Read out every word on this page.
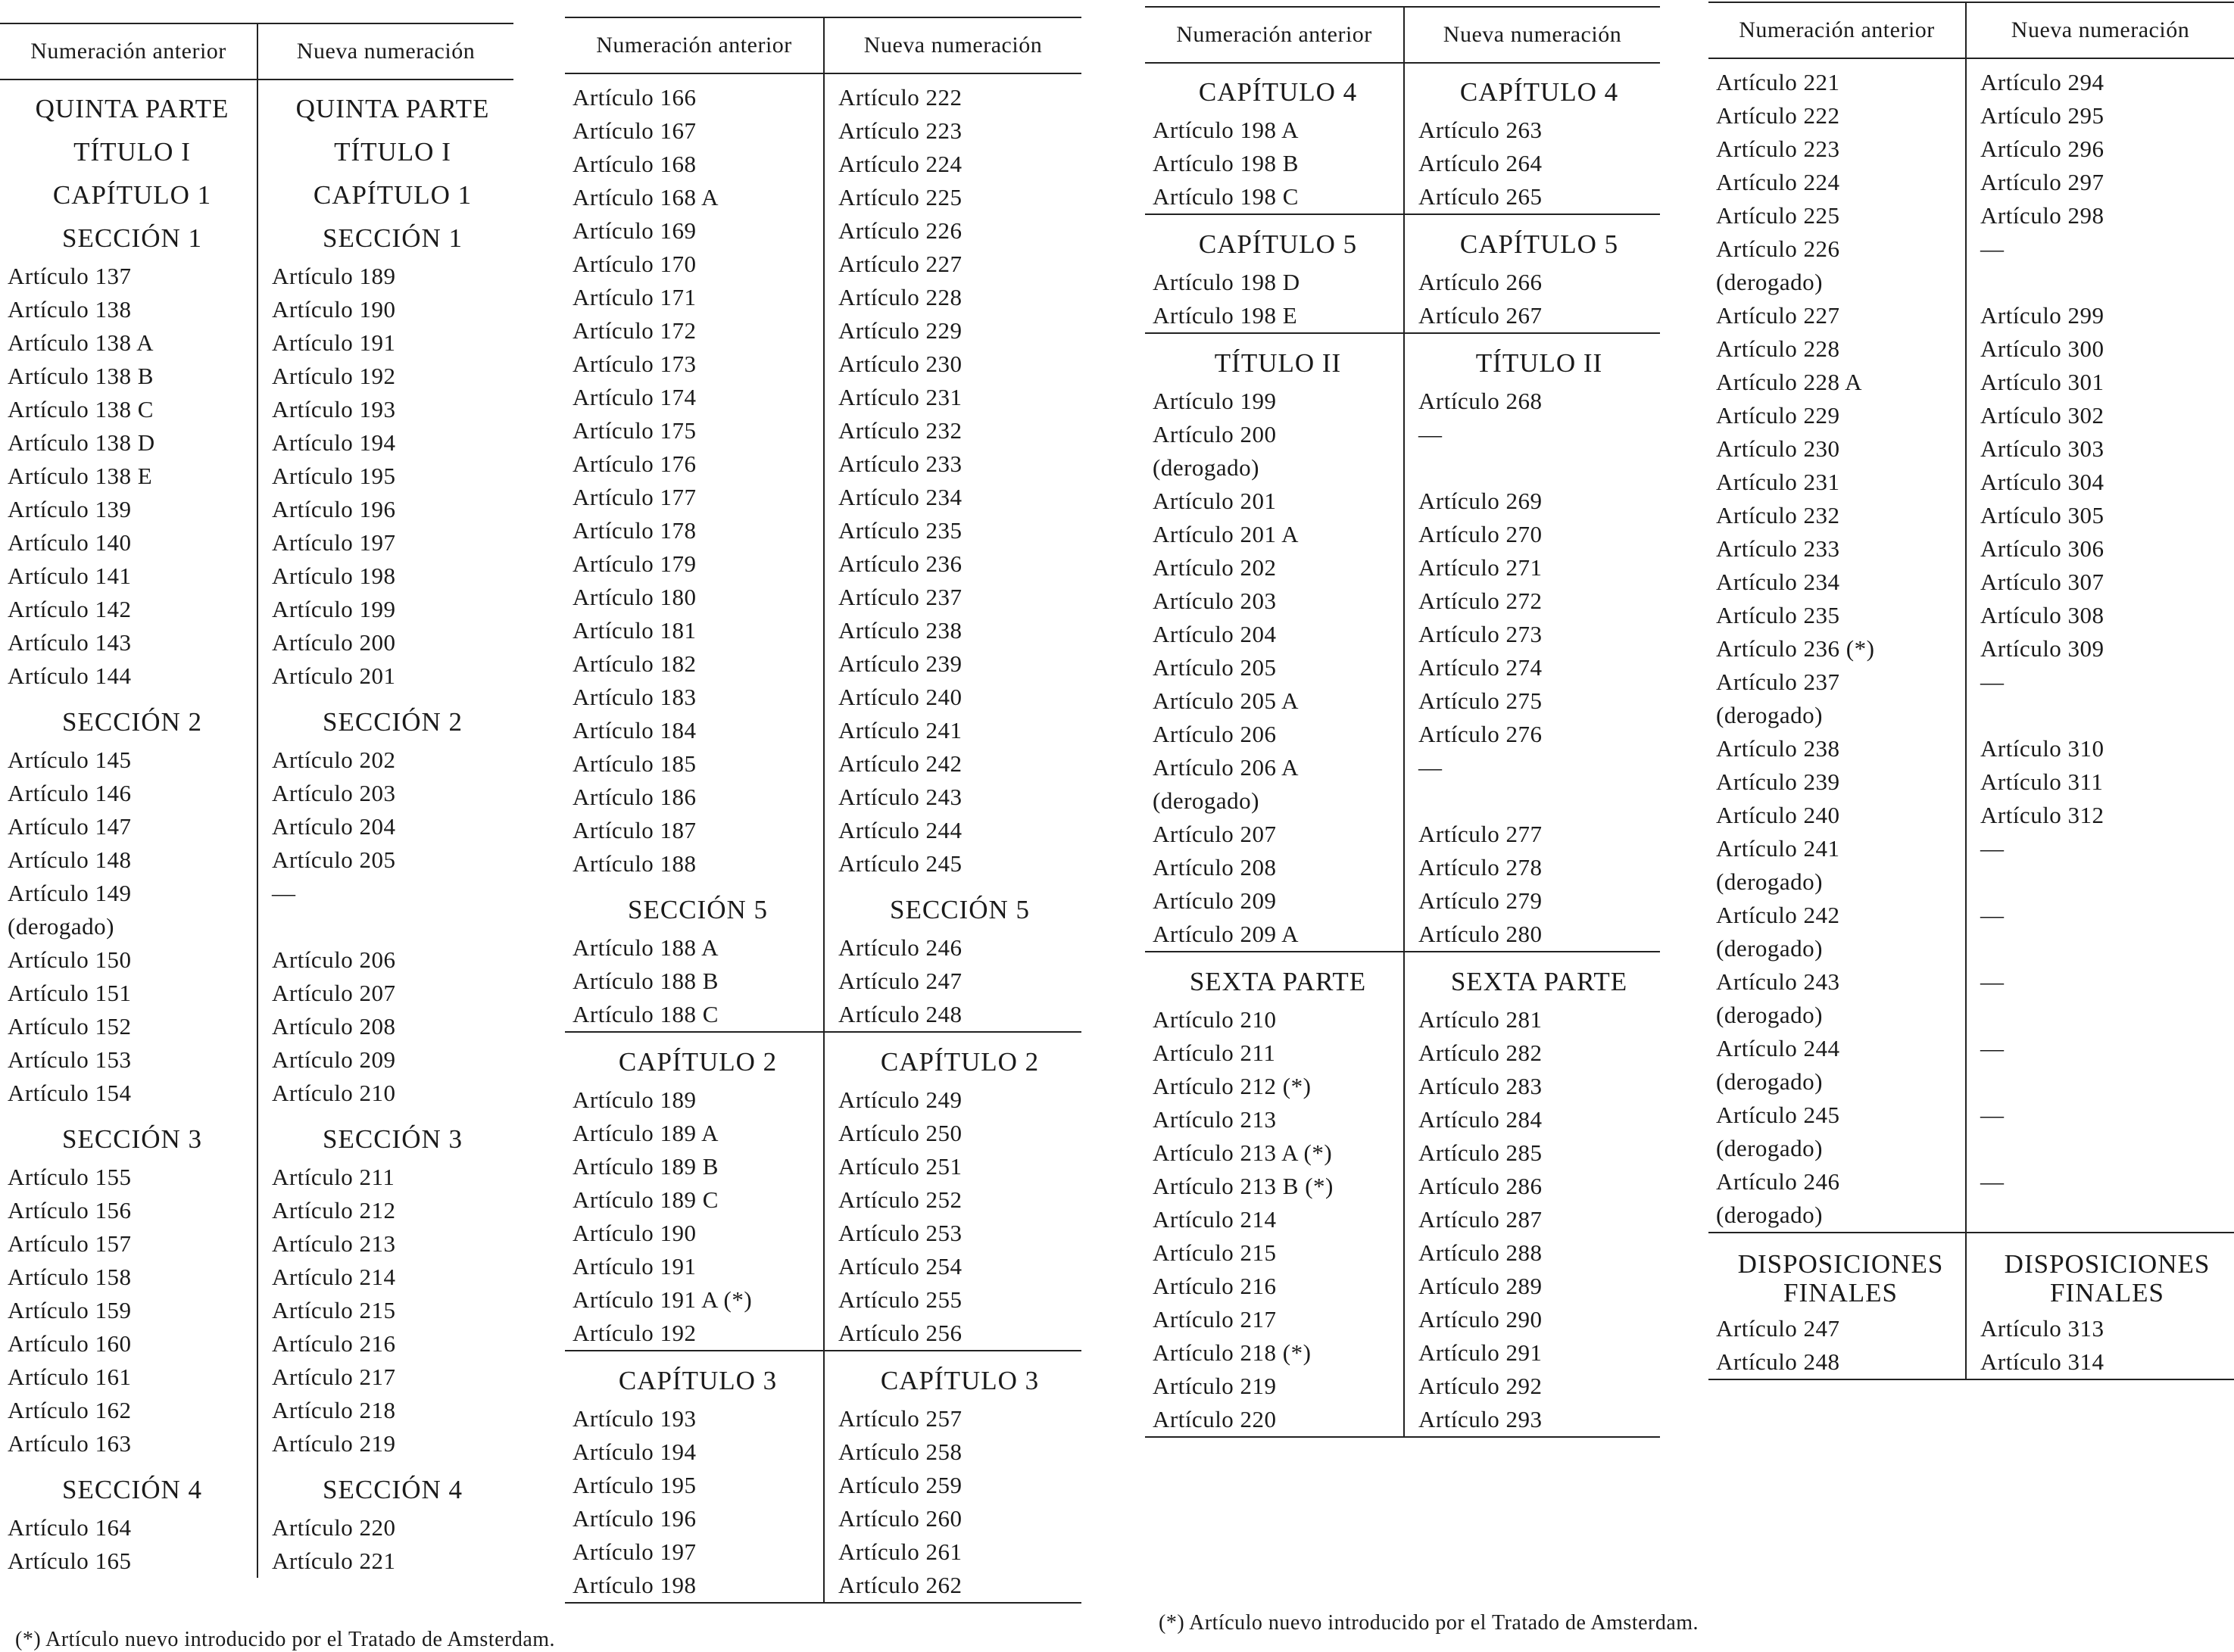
Numeración anterior	Nueva numeración

QUINTA PARTE	QUINTA PARTE
TÍTULO I	TÍTULO I
CAPÍTULO 1	CAPÍTULO 1
SECCIÓN 1	SECCIÓN 1
Artículo 137	Artículo 189
Artículo 138	Artículo 190
Artículo 138 A	Artículo 191
Artículo 138 B	Artículo 192
Artículo 138 C	Artículo 193
Artículo 138 D	Artículo 194
Artículo 138 E	Artículo 195
Artículo 139	Artículo 196
Artículo 140	Artículo 197
Artículo 141	Artículo 198
Artículo 142	Artículo 199
Artículo 143	Artículo 200
Artículo 144	Artículo 201

SECCIÓN 2	SECCIÓN 2
Artículo 145	Artículo 202
Artículo 146	Artículo 203
Artículo 147	Artículo 204
Artículo 148	Artículo 205
Artículo 149 (derogado)	—
Artículo 150	Artículo 206
Artículo 151	Artículo 207
Artículo 152	Artículo 208
Artículo 153	Artículo 209
Artículo 154	Artículo 210

SECCIÓN 3	SECCIÓN 3
Artículo 155	Artículo 211
Artículo 156	Artículo 212
Artículo 157	Artículo 213
Artículo 158	Artículo 214
Artículo 159	Artículo 215
Artículo 160	Artículo 216
Artículo 161	Artículo 217
Artículo 162	Artículo 218
Artículo 163	Artículo 219

SECCIÓN 4	SECCIÓN 4
Artículo 164	Artículo 220
Artículo 165	Artículo 221
Numeración anterior	Nueva numeración

Artículo 166	Artículo 222
Artículo 167	Artículo 223
Artículo 168	Artículo 224
Artículo 168 A	Artículo 225
Artículo 169	Artículo 226
Artículo 170	Artículo 227
Artículo 171	Artículo 228
Artículo 172	Artículo 229
Artículo 173	Artículo 230
Artículo 174	Artículo 231
Artículo 175	Artículo 232
Artículo 176	Artículo 233
Artículo 177	Artículo 234
Artículo 178	Artículo 235
Artículo 179	Artículo 236
Artículo 180	Artículo 237
Artículo 181	Artículo 238
Artículo 182	Artículo 239
Artículo 183	Artículo 240
Artículo 184	Artículo 241
Artículo 185	Artículo 242
Artículo 186	Artículo 243
Artículo 187	Artículo 244
Artículo 188	Artículo 245

SECCIÓN 5	SECCIÓN 5
Artículo 188 A	Artículo 246
Artículo 188 B	Artículo 247
Artículo 188 C	Artículo 248

CAPÍTULO 2	CAPÍTULO 2
Artículo 189	Artículo 249
Artículo 189 A	Artículo 250
Artículo 189 B	Artículo 251
Artículo 189 C	Artículo 252
Artículo 190	Artículo 253
Artículo 191	Artículo 254
Artículo 191 A (*)	Artículo 255
Artículo 192	Artículo 256

CAPÍTULO 3	CAPÍTULO 3
Artículo 193	Artículo 257
Artículo 194	Artículo 258
Artículo 195	Artículo 259
Artículo 196	Artículo 260
Artículo 197	Artículo 261
Artículo 198	Artículo 262

Numeración anterior	Nueva numeración

CAPÍTULO 4	CAPÍTULO 4
Artículo 198 A	Artículo 263
Artículo 198 B	Artículo 264
Artículo 198 C	Artículo 265

CAPÍTULO 5	CAPÍTULO 5
Artículo 198 D	Artículo 266
Artículo 198 E	Artículo 267

TÍTULO II	TÍTULO II
Artículo 199	Artículo 268
Artículo 200 (derogado)	—
Artículo 201	Artículo 269
Artículo 201 A	Artículo 270
Artículo 202	Artículo 271
Artículo 203	Artículo 272
Artículo 204	Artículo 273
Artículo 205	Artículo 274
Artículo 205 A	Artículo 275
Artículo 206	Artículo 276
Artículo 206 A (derogado)	—
Artículo 207	Artículo 277
Artículo 208	Artículo 278
Artículo 209	Artículo 279
Artículo 209 A	Artículo 280

SEXTA PARTE	SEXTA PARTE
Artículo 210	Artículo 281
Artículo 211	Artículo 282
Artículo 212 (*)	Artículo 283
Artículo 213	Artículo 284
Artículo 213 A (*)	Artículo 285
Artículo 213 B (*)	Artículo 286
Artículo 214	Artículo 287
Artículo 215	Artículo 288
Artículo 216	Artículo 289
Artículo 217	Artículo 290
Artículo 218 (*)	Artículo 291
Artículo 219	Artículo 292
Artículo 220	Artículo 293

Numeración anterior	Nueva numeración

Artículo 221	Artículo 294
Artículo 222	Artículo 295
Artículo 223	Artículo 296
Artículo 224	Artículo 297
Artículo 225	Artículo 298
Artículo 226 (derogado)	—
Artículo 227	Artículo 299
Artículo 228	Artículo 300
Artículo 228 A	Artículo 301
Artículo 229	Artículo 302
Artículo 230	Artículo 303
Artículo 231	Artículo 304
Artículo 232	Artículo 305
Artículo 233	Artículo 306
Artículo 234	Artículo 307
Artículo 235	Artículo 308
Artículo 236 (*)	Artículo 309
Artículo 237 (derogado)	—
Artículo 238	Artículo 310
Artículo 239	Artículo 311
Artículo 240	Artículo 312
Artículo 241 (derogado)	—
Artículo 242 (derogado)	—
Artículo 243 (derogado)	—
Artículo 244 (derogado)	—
Artículo 245 (derogado)	—
Artículo 246 (derogado)	—

DISPOSICIONES FINALES	DISPOSICIONES FINALES
Artículo 247	Artículo 313
Artículo 248	Artículo 314

(*) Artículo nuevo introducido por el Tratado de Amsterdam.
(*) Artículo nuevo introducido por el Tratado de Amsterdam.
